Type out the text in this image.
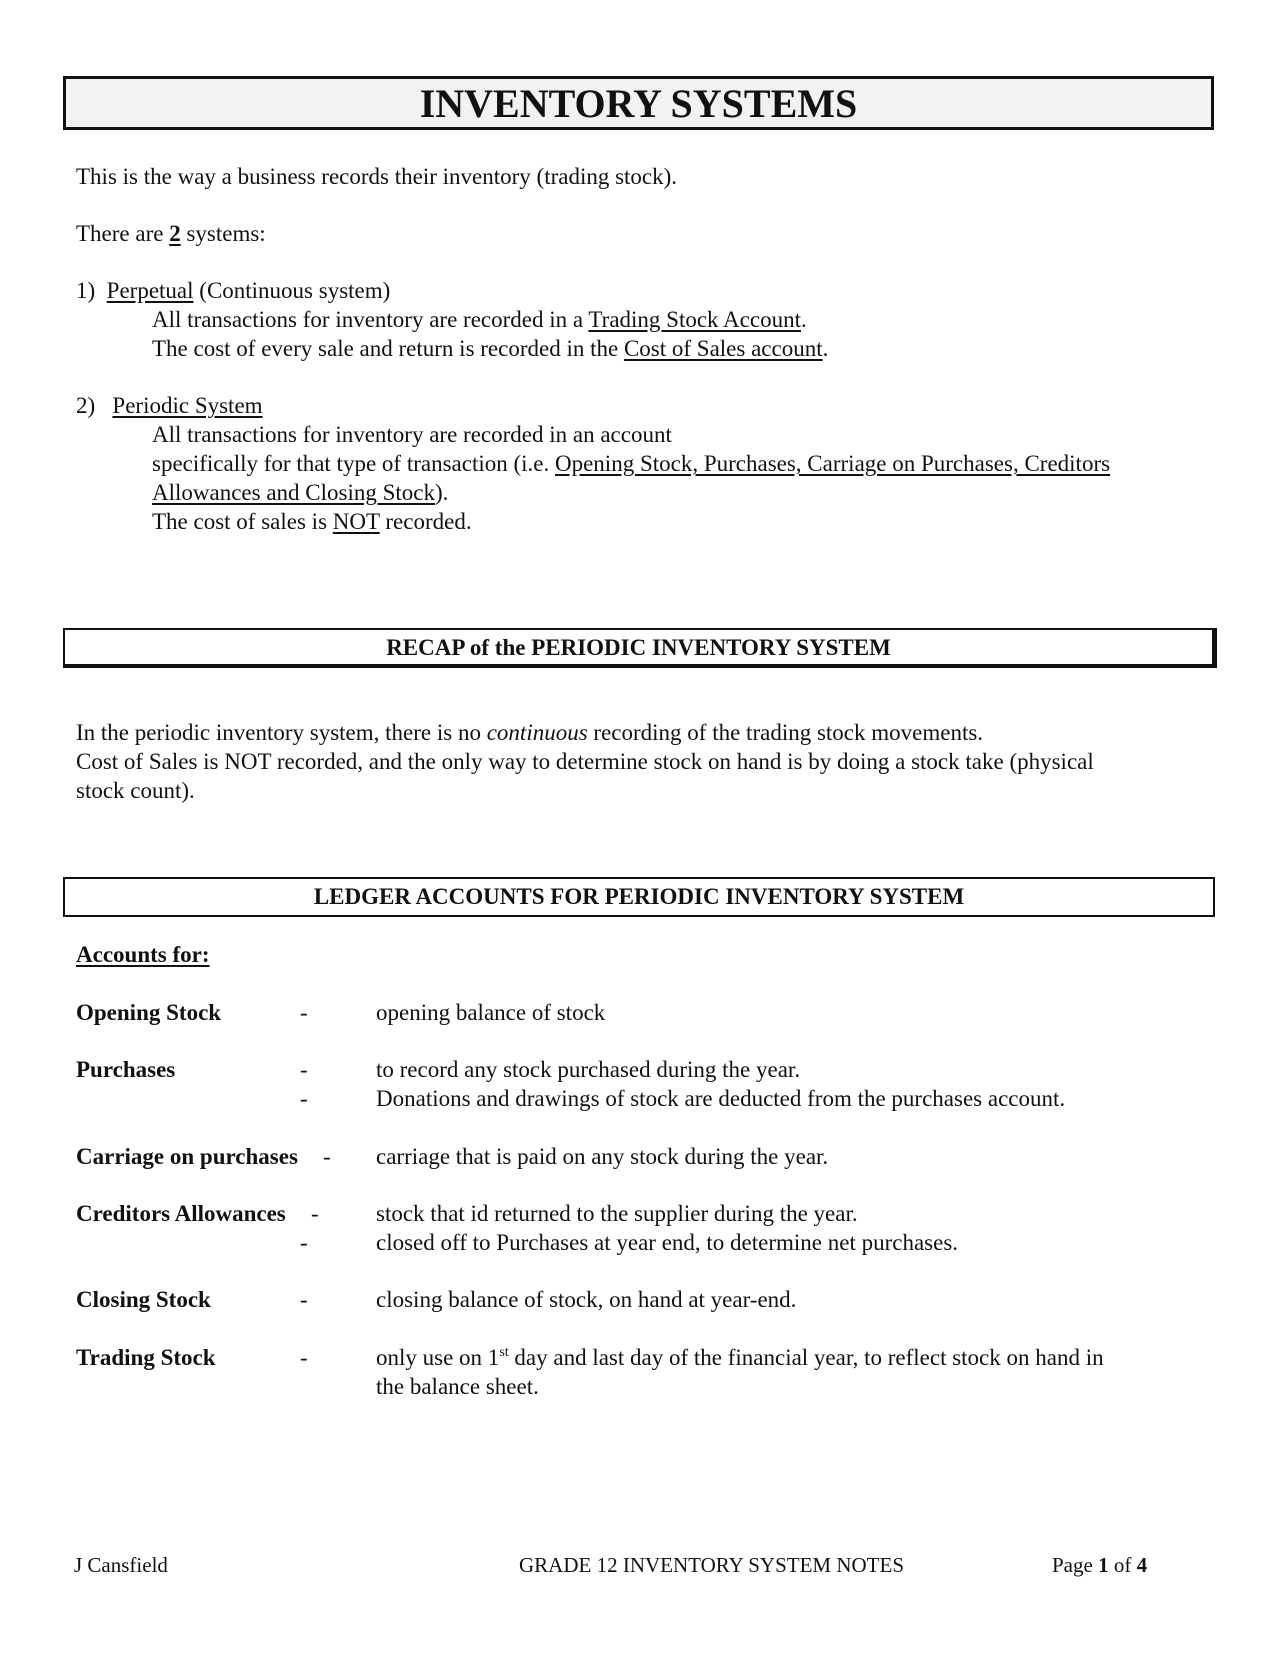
INVENTORY SYSTEMS
This is the way a business records their inventory (trading stock).
There are 2 systems:
1) Perpetual (Continuous system)
All transactions for inventory are recorded in a Trading Stock Account.
The cost of every sale and return is recorded in the Cost of Sales account.
2) Periodic System
All transactions for inventory are recorded in an account
specifically for that type of transaction (i.e. Opening Stock, Purchases, Carriage on Purchases, Creditors
Allowances and Closing Stock).
The cost of sales is NOT recorded.
RECAP of the PERIODIC INVENTORY SYSTEM
In the periodic inventory system, there is no continuous recording of the trading stock movements.
Cost of Sales is NOT recorded, and the only way to determine stock on hand is by doing a stock take (physical
stock count).
LEDGER ACCOUNTS FOR PERIODIC INVENTORY SYSTEM
Accounts for:
Opening Stock	-	opening balance of stock
Purchases	-	to record any stock purchased during the year.
-	Donations and drawings of stock are deducted from the purchases account.
Carriage on purchases - carriage that is paid on any stock during the year.
Creditors Allowances - stock that id returned to the supplier during the year.
-	closed off to Purchases at year end, to determine net purchases.
Closing Stock	-	closing balance of stock, on hand at year-end.
Trading Stock	-	only use on 1st day and last day of the financial year, to reflect stock on hand in
the balance sheet.
J Cansfield	GRADE 12 INVENTORY SYSTEM NOTES	Page 1 of 4
